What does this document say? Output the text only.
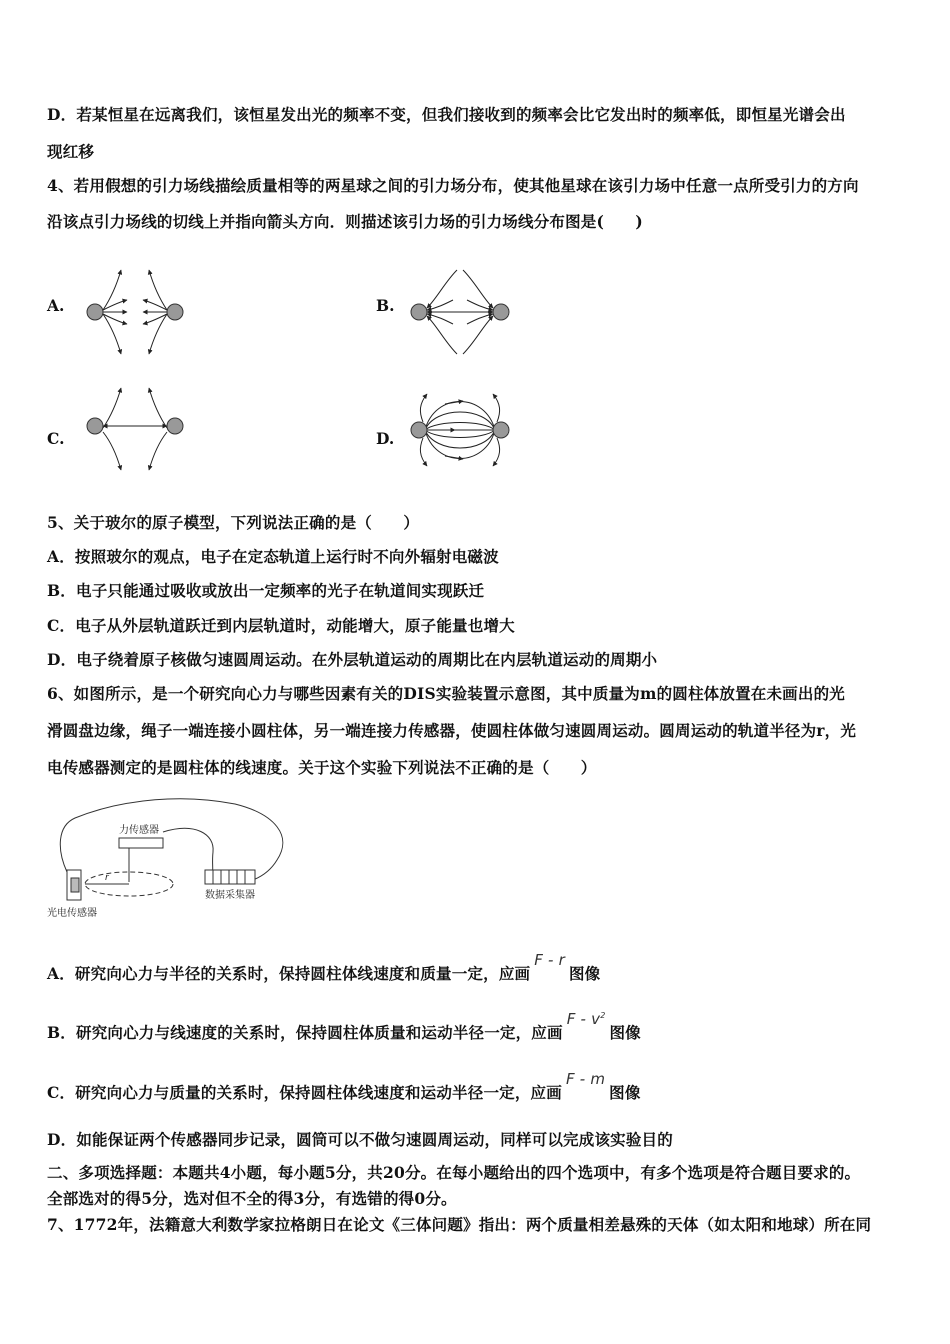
D．若某恒星在远离我们，该恒星发出光的频率不变，但我们接收到的频率会比它发出时的频率低，即恒星光谱会出
现红移
4、若用假想的引力场线描绘质量相等的两星球之间的引力场分布，使其他星球在该引力场中任意一点所受引力的方向
沿该点引力场线的切线上并指向箭头方向．则描述该引力场的引力场线分布图是(　　)
A.	B.
C.	D.
5、关于玻尔的原子模型，下列说法正确的是（　　）
A．按照玻尔的观点，电子在定态轨道上运行时不向外辐射电磁波
B．电子只能通过吸收或放出一定频率的光子在轨道间实现跃迁
C．电子从外层轨道跃迁到内层轨道时，动能增大，原子能量也增大
D．电子绕着原子核做匀速圆周运动。在外层轨道运动的周期比在内层轨道运动的周期小
6、如图所示，是一个研究向心力与哪些因素有关的DIS实验装置示意图，其中质量为m的圆柱体放置在未画出的光
滑圆盘边缘，绳子一端连接小圆柱体，另一端连接力传感器，使圆柱体做匀速圆周运动。圆周运动的轨道半径为r，光
电传感器测定的是圆柱体的线速度。关于这个实验下列说法不正确的是（　　）
力传感器
r
数据采集器
光电传感器
A．研究向心力与半径的关系时，保持圆柱体线速度和质量一定，应画F - r图像
B．研究向心力与线速度的关系时，保持圆柱体质量和运动半径一定，应画F - $v^2$图像
C．研究向心力与质量的关系时，保持圆柱体线速度和运动半径一定，应画F - m图像
D．如能保证两个传感器同步记录，圆筒可以不做匀速圆周运动，同样可以完成该实验目的
二、多项选择题：本题共4小题，每小题5分，共20分。在每小题给出的四个选项中，有多个选项是符合题目要求的。
全部选对的得5分，选对但不全的得3分，有选错的得0分。
7、1772年，法籍意大利数学家拉格朗日在论文《三体问题》指出：两个质量相差悬殊的天体（如太阳和地球）所在同
